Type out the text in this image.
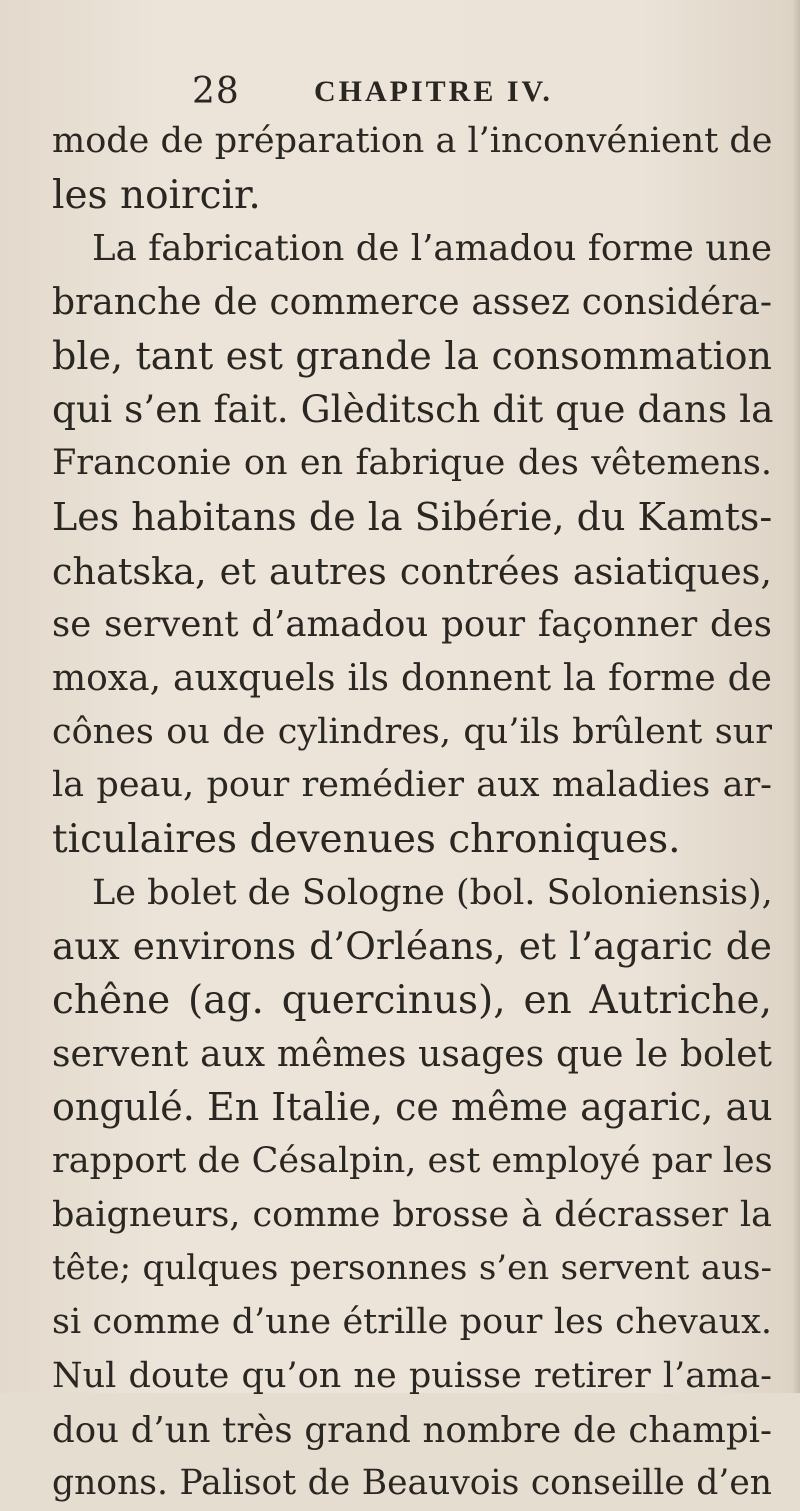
28 CHAPITRE IV.
mode de préparation a l’inconvénient de
les noircir.
La fabrication de l’amadou forme une
branche de commerce assez considéra-
ble, tant est grande la consommation
qui s’en fait. Glèditsch dit que dans la
Franconie on en fabrique des vêtemens.
Les habitans de la Sibérie, du Kamts-
chatska, et autres contrées asiatiques,
se servent d’amadou pour façonner des
moxa, auxquels ils donnent la forme de
cônes ou de cylindres, qu’ils brûlent sur
la peau, pour remédier aux maladies ar-
ticulaires devenues chroniques.
Le bolet de Sologne (bol. Soloniensis),
aux environs d’Orléans, et l’agaric de
chêne (ag. quercinus), en Autriche,
servent aux mêmes usages que le bolet
ongulé. En Italie, ce même agaric, au
rapport de Césalpin, est employé par les
baigneurs, comme brosse à décrasser la
tête; qulques personnes s’en servent aus-
si comme d’une étrille pour les chevaux.
Nul doute qu’on ne puisse retirer l’ama-
dou d’un très grand nombre de champi-
gnons. Palisot de Beauvois conseille d’en
